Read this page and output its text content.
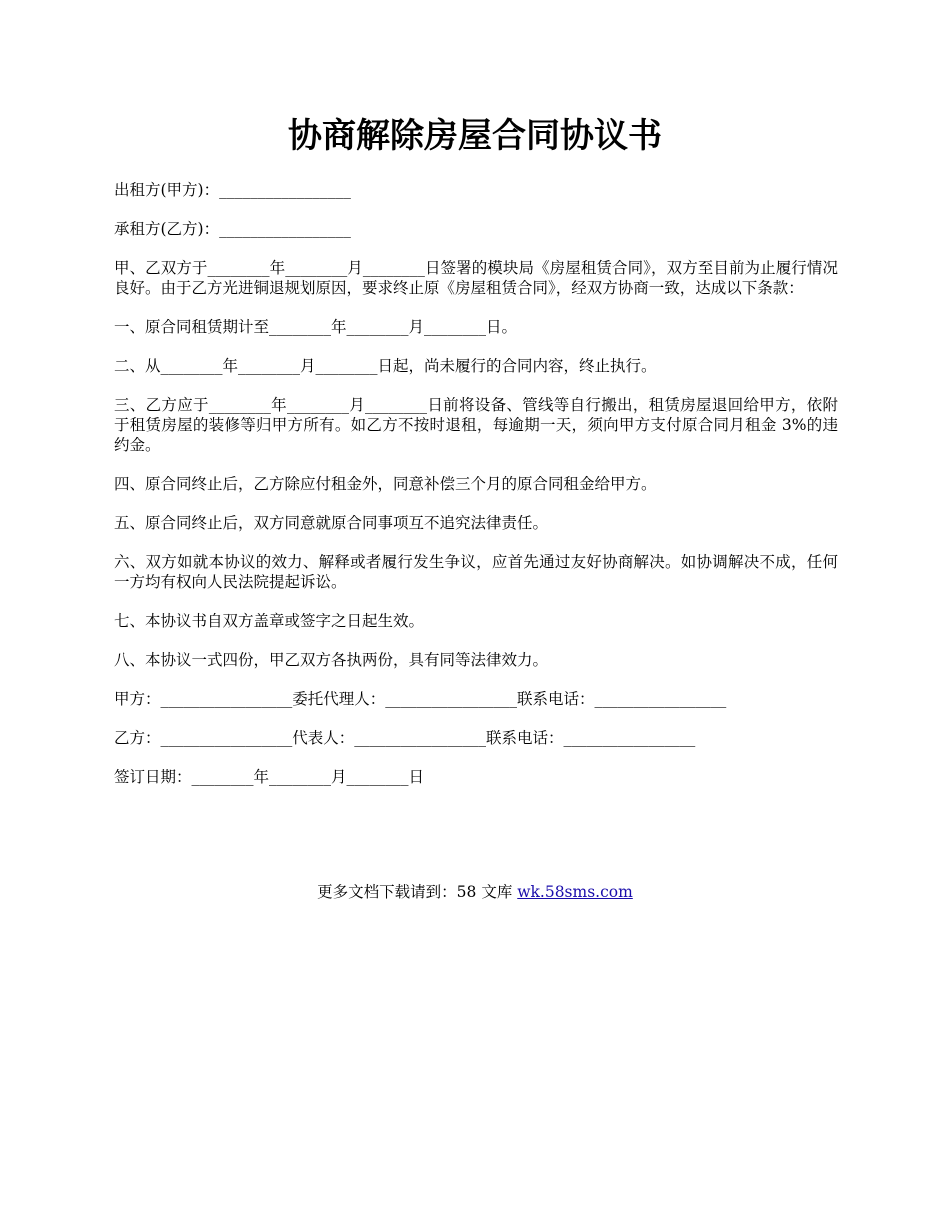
协商解除房屋合同协议书

出租方(甲方)：_________________

承租方(乙方)：_________________

甲、乙双方于________年________月________日签署的模块局《房屋租赁合同》，双方至目前为止履行情况良好。由于乙方光进铜退规划原因，要求终止原《房屋租赁合同》，经双方协商一致，达成以下条款：

一、原合同租赁期计至________年________月________日。

二、从________年________月________日起，尚未履行的合同内容，终止执行。

三、乙方应于________年________月________日前将设备、管线等自行搬出，租赁房屋退回给甲方，依附于租赁房屋的装修等归甲方所有。如乙方不按时退租，每逾期一天，须向甲方支付原合同月租金 3%的违约金。

四、原合同终止后，乙方除应付租金外，同意补偿三个月的原合同租金给甲方。

五、原合同终止后，双方同意就原合同事项互不追究法律责任。

六、双方如就本协议的效力、解释或者履行发生争议，应首先通过友好协商解决。如协调解决不成，任何一方均有权向人民法院提起诉讼。

七、本协议书自双方盖章或签字之日起生效。

八、本协议一式四份，甲乙双方各执两份，具有同等法律效力。

甲方：_________________委托代理人：_________________联系电话：_________________

乙方：_________________代表人：_________________联系电话：_________________

签订日期：________年________月________日

更多文档下载请到：58 文库 wk.58sms.com
